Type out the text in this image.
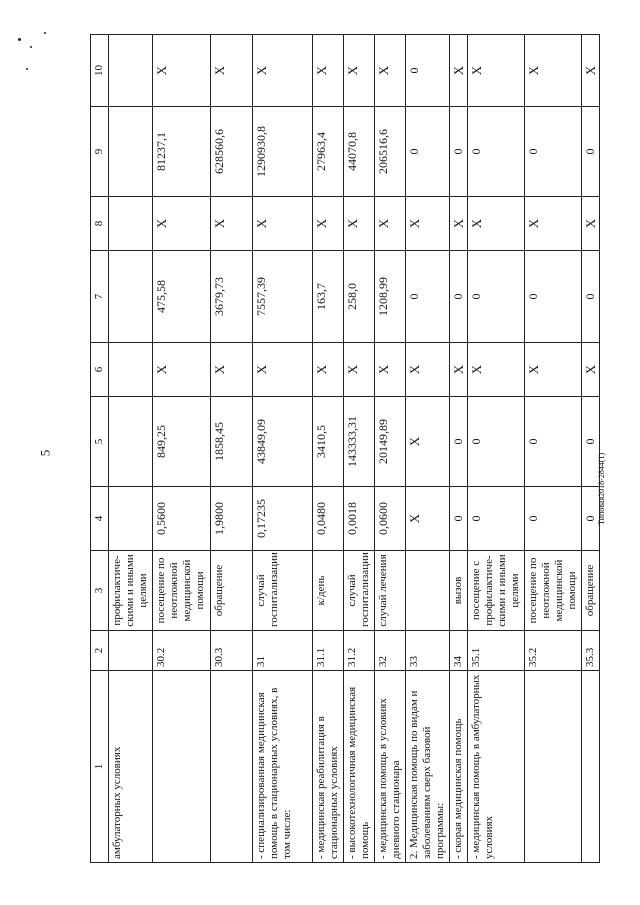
5	Типовая2018-2844(1)
1	2	3	4	5	6	7	8	9	10
амбулаторных условиях		профилактиче-скими и иными целями							
	30.2	посещение по неотложной медицинской помощи	0,5600	849,25	X	475,58	X	81237,1	X
	30.3	обращение	1,9800	1858,45	X	3679,73	X	628560,6	X
- специализированная медицинская помощь в стационарных условиях, в том числе:	31	случай госпитализации	0,17235	43849,09	X	7557,39	X	1290930,8	X
- медицинская реабилитация в стационарных условиях	31.1	к/день	0,0480	3410,5	X	163,7	X	27963,4	X
- высокотехнологичная медицинская помощь	31.2	случай госпитализации	0,0018	143333,31	X	258,0	X	44070,8	X
- медицинская помощь в условиях дневного стационара	32	случай лечения	0,0600	20149,89	X	1208,99	X	206516,6	X
2. Медицинская помощь по видам и заболеваниям сверх базовой программы:	33		X	X	X	0	X	0	0
- скорая медицинская помощь	34	вызов	0	0	X	0	X	0	X
- медицинская помощь в амбулаторных условиях	35.1	посещение с профилактиче-скими и иными целями	0	0	X	0	X	0	X
	35.2	посещение по неотложной медицинской помощи	0	0	X	0	X	0	X
	35.3	обращение	0	0	X	0	X	0	X
